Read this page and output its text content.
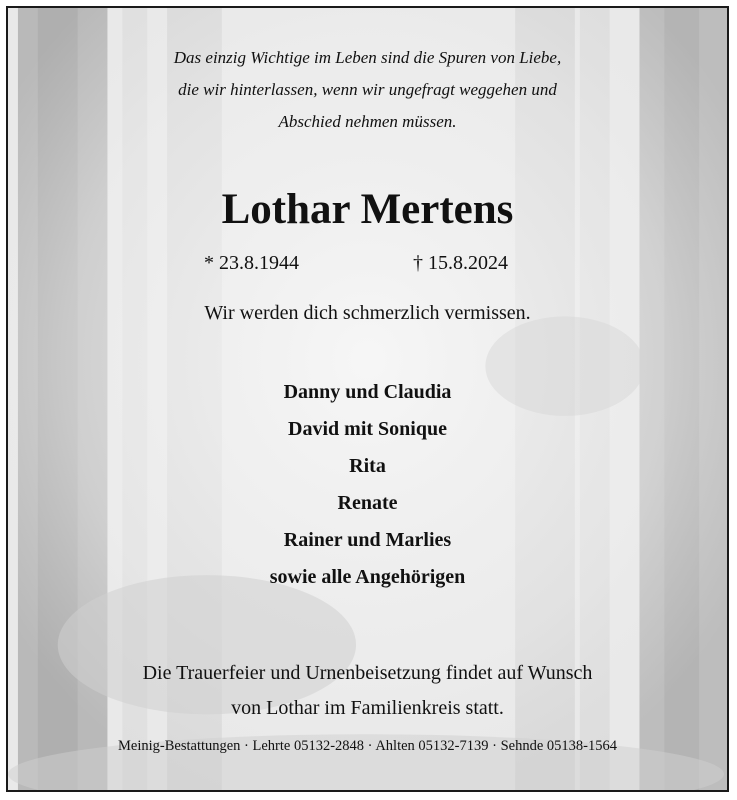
Das einzig Wichtige im Leben sind die Spuren von Liebe,
die wir hinterlassen, wenn wir ungefragt weggehen und
Abschied nehmen müssen.
Lothar Mertens
* 23.8.1944	† 15.8.2024
Wir werden dich schmerzlich vermissen.
Danny und Claudia
David mit Sonique
Rita
Renate
Rainer und Marlies
sowie alle Angehörigen
Die Trauerfeier und Urnenbeisetzung findet auf Wunsch
von Lothar im Familienkreis statt.
Meinig-Bestattungen · Lehrte 05132-2848 · Ahlten 05132-7139 · Sehnde 05138-1564
